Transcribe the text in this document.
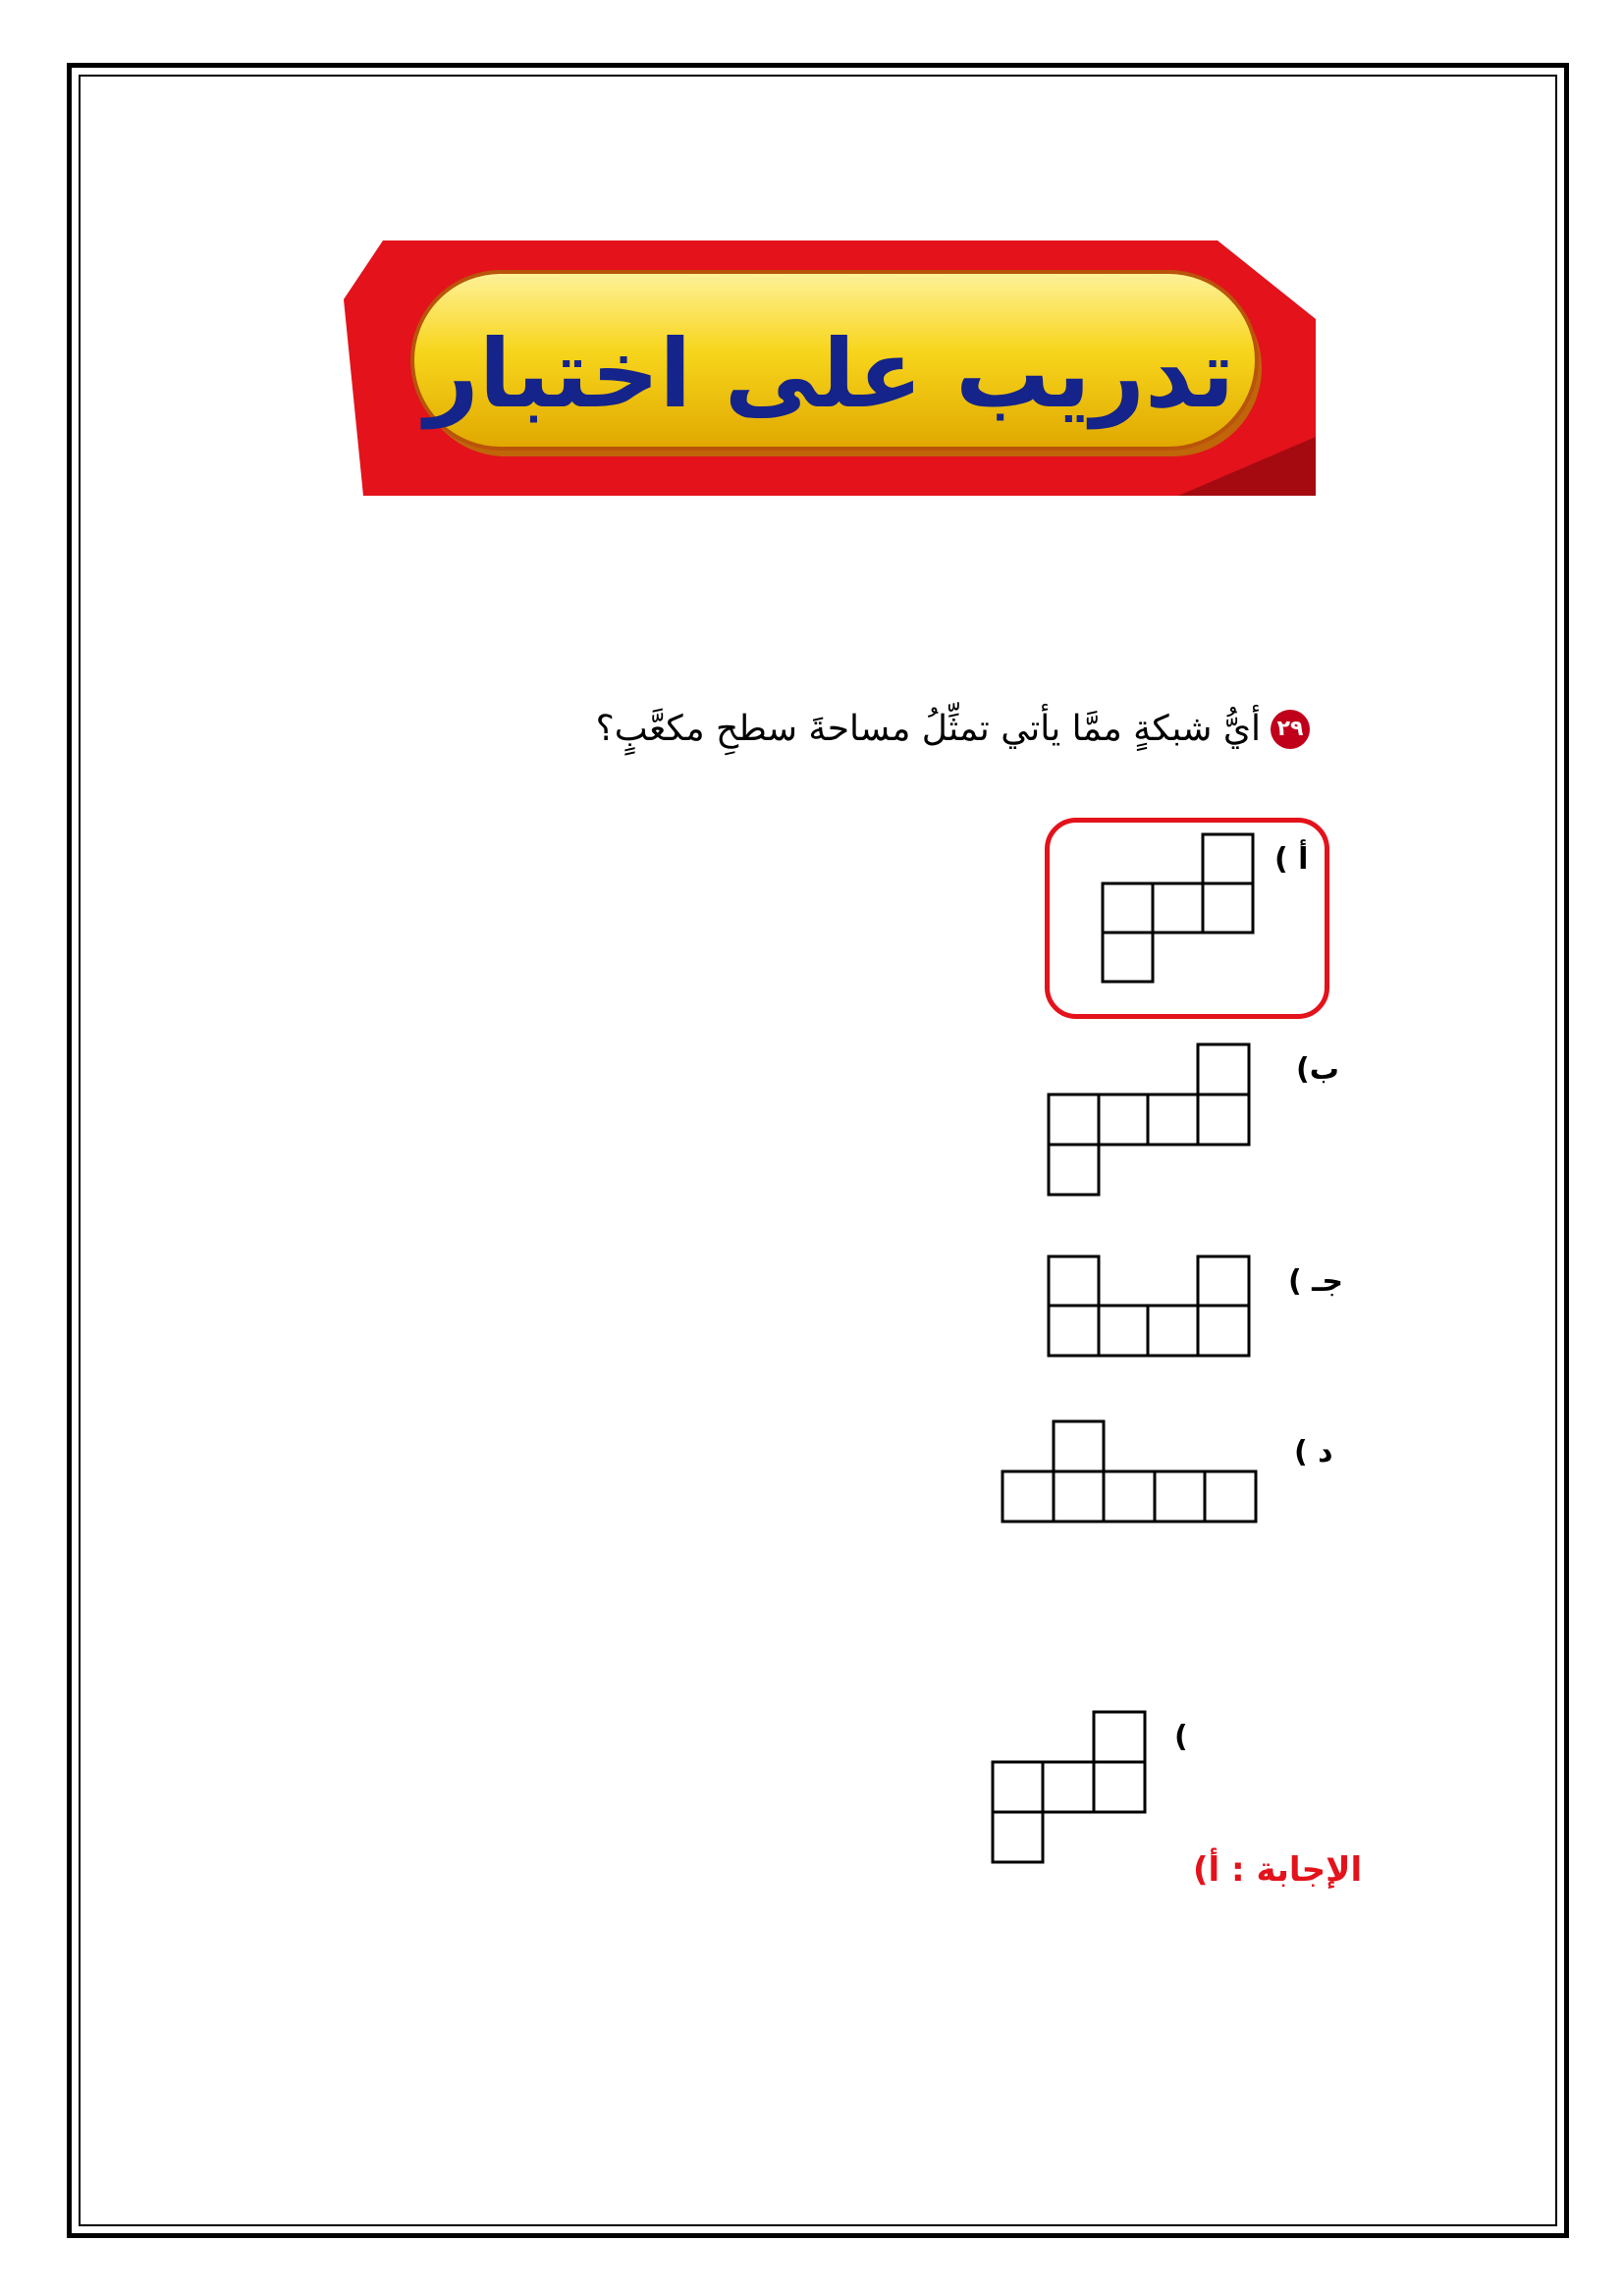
تدريب على اختبار
٢٩
أيُّ شبكةٍ ممَّا يأتي تمثِّلُ مساحةَ سطحِ مكعَّبٍ؟
أ )
ب)
جـ )
د )
(
الإجابة : أ)
